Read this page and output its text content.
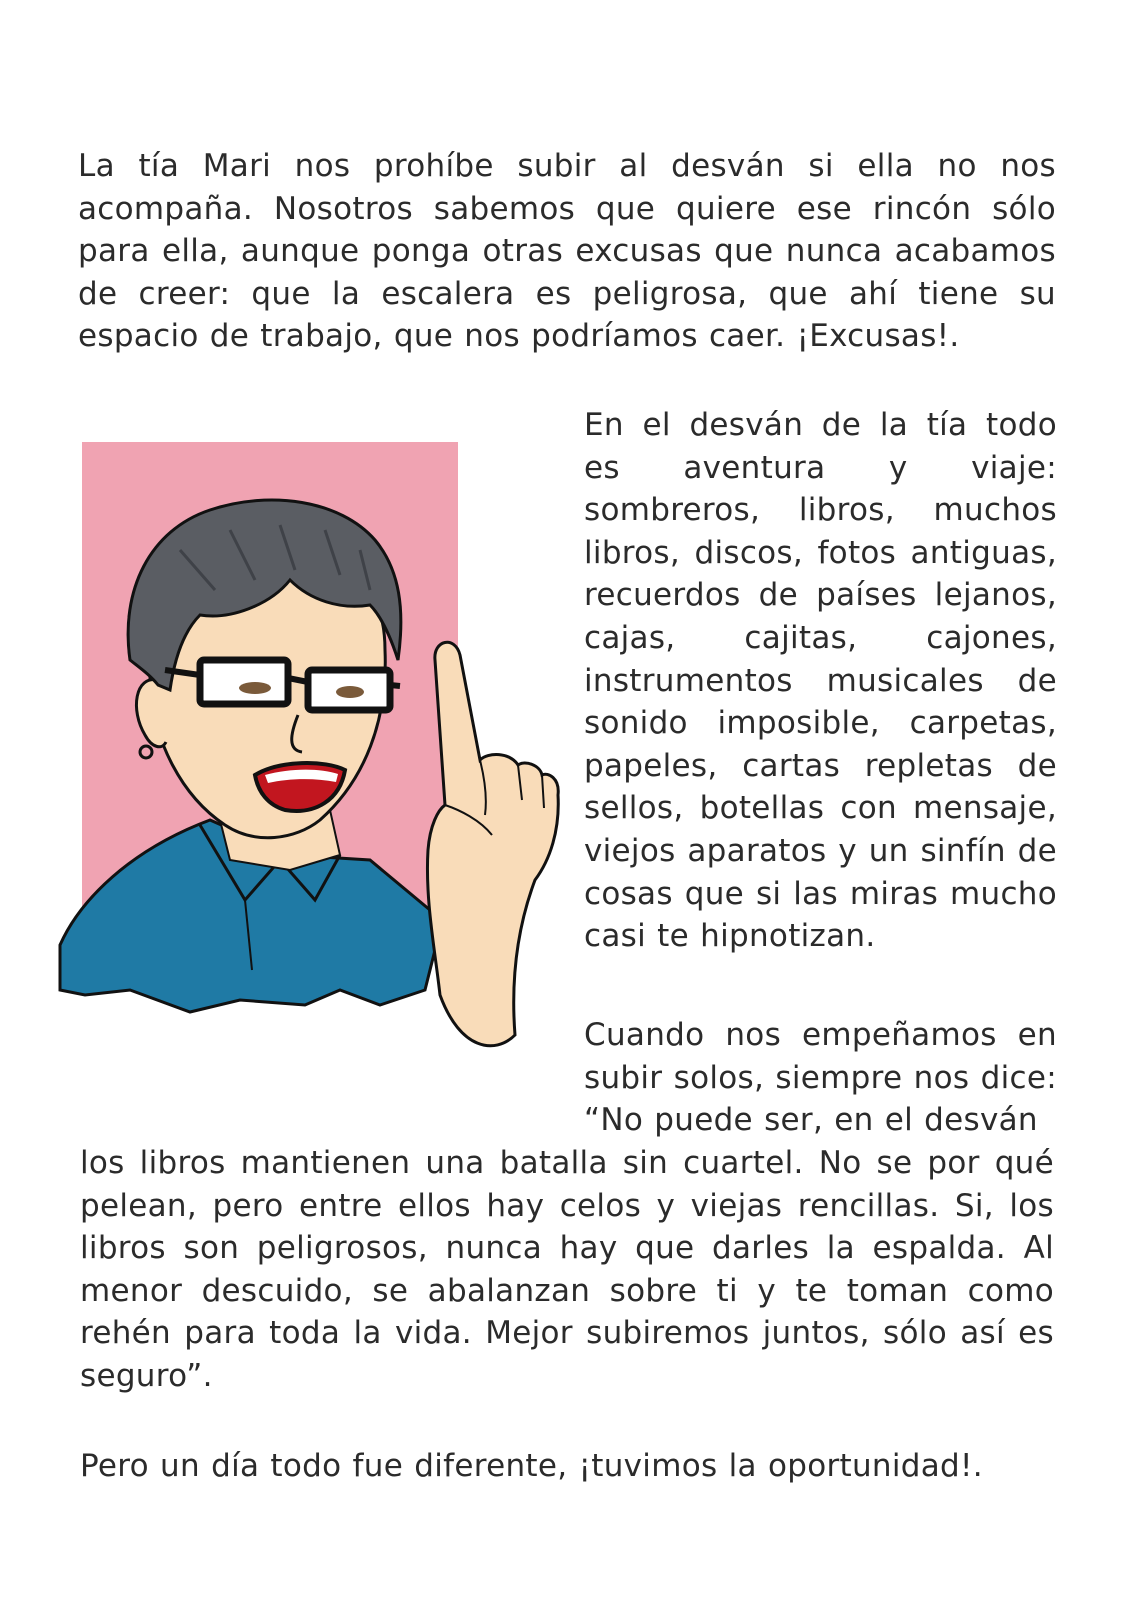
La tía Mari nos prohíbe subir al desván si ella no nos acompaña. Nosotros sabemos que quiere ese rincón sólo para ella, aunque ponga otras excusas que nunca acabamos de creer: que la escalera es peligrosa, que ahí tiene su espacio de trabajo, que nos podríamos caer. ¡Excusas!.

En el desván de la tía todo es aventura y viaje: sombreros, libros, muchos libros, discos, fotos antiguas, recuerdos de países lejanos, cajas, cajitas, cajones, instrumentos musicales de sonido imposible, carpetas, papeles, cartas repletas de sellos, botellas con mensaje, viejos aparatos y un sinfín de cosas que si las miras mucho casi te hipnotizan.

Cuando nos empeñamos en subir solos, siempre nos dice: “No puede ser, en el desván

los libros mantienen una batalla sin cuartel. No se por qué pelean, pero entre ellos hay celos y viejas rencillas. Si, los libros son peligrosos, nunca hay que darles la espalda. Al menor descuido, se abalanzan sobre ti y te toman como rehén para toda la vida. Mejor subiremos juntos, sólo así es seguro”.

Pero un día todo fue diferente, ¡tuvimos la oportunidad!.
